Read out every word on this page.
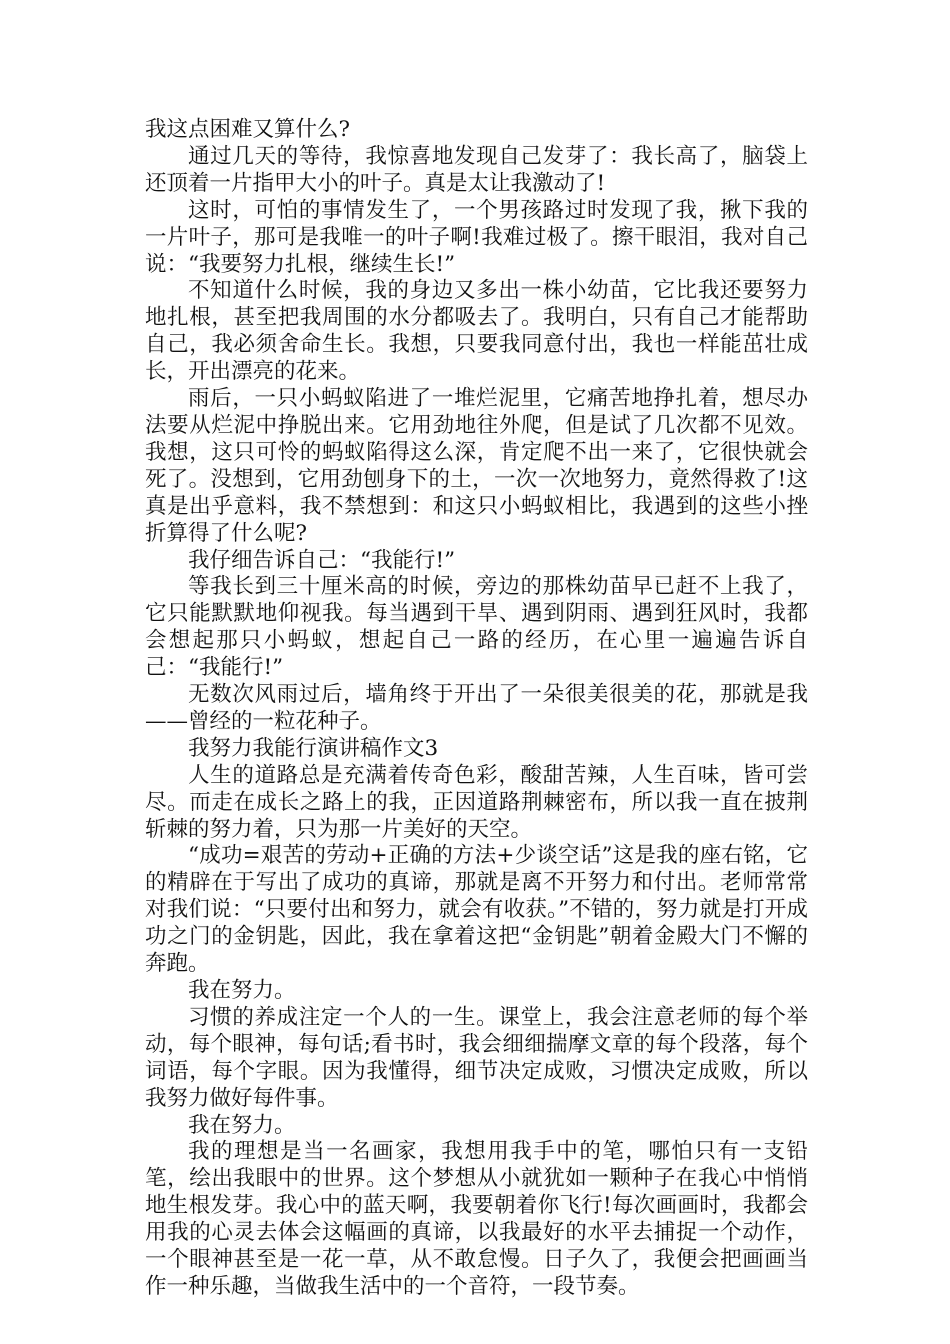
我这点困难又算什么?

通过几天的等待，我惊喜地发现自己发芽了：我长高了，脑袋上还顶着一片指甲大小的叶子。真是太让我激动了!

这时，可怕的事情发生了，一个男孩路过时发现了我，揪下我的一片叶子，那可是我唯一的叶子啊!我难过极了。擦干眼泪，我对自己说：“我要努力扎根，继续生长!”

不知道什么时候，我的身边又多出一株小幼苗，它比我还要努力地扎根，甚至把我周围的水分都吸去了。我明白，只有自己才能帮助自己，我必须舍命生长。我想，只要我同意付出，我也一样能茁壮成长，开出漂亮的花来。

雨后，一只小蚂蚁陷进了一堆烂泥里，它痛苦地挣扎着，想尽办法要从烂泥中挣脱出来。它用劲地往外爬，但是试了几次都不见效。我想，这只可怜的蚂蚁陷得这么深，肯定爬不出一来了，它很快就会死了。没想到，它用劲刨身下的土，一次一次地努力，竟然得救了!这真是出乎意料，我不禁想到：和这只小蚂蚁相比，我遇到的这些小挫折算得了什么呢?

我仔细告诉自己：“我能行!”

等我长到三十厘米高的时候，旁边的那株幼苗早已赶不上我了，它只能默默地仰视我。每当遇到干旱、遇到阴雨、遇到狂风时，我都会想起那只小蚂蚁，想起自己一路的经历，在心里一遍遍告诉自己：“我能行!”

无数次风雨过后，墙角终于开出了一朵很美很美的花，那就是我——曾经的一粒花种子。

我努力我能行演讲稿作文3

人生的道路总是充满着传奇色彩，酸甜苦辣，人生百味，皆可尝尽。而走在成长之路上的我，正因道路荆棘密布，所以我一直在披荆斩棘的努力着，只为那一片美好的天空。

“成功=艰苦的劳动+正确的方法+少谈空话”这是我的座右铭，它的精辟在于写出了成功的真谛，那就是离不开努力和付出。老师常常对我们说：“只要付出和努力，就会有收获。”不错的，努力就是打开成功之门的金钥匙，因此，我在拿着这把“金钥匙”朝着金殿大门不懈的奔跑。

我在努力。

习惯的养成注定一个人的一生。课堂上，我会注意老师的每个举动，每个眼神，每句话;看书时，我会细细揣摩文章的每个段落，每个词语，每个字眼。因为我懂得，细节决定成败，习惯决定成败，所以我努力做好每件事。

我在努力。

我的理想是当一名画家，我想用我手中的笔，哪怕只有一支铅笔，绘出我眼中的世界。这个梦想从小就犹如一颗种子在我心中悄悄地生根发芽。我心中的蓝天啊，我要朝着你飞行!每次画画时，我都会用我的心灵去体会这幅画的真谛，以我最好的水平去捕捉一个动作，一个眼神甚至是一花一草，从不敢怠慢。日子久了，我便会把画画当作一种乐趣，当做我生活中的一个音符，一段节奏。
